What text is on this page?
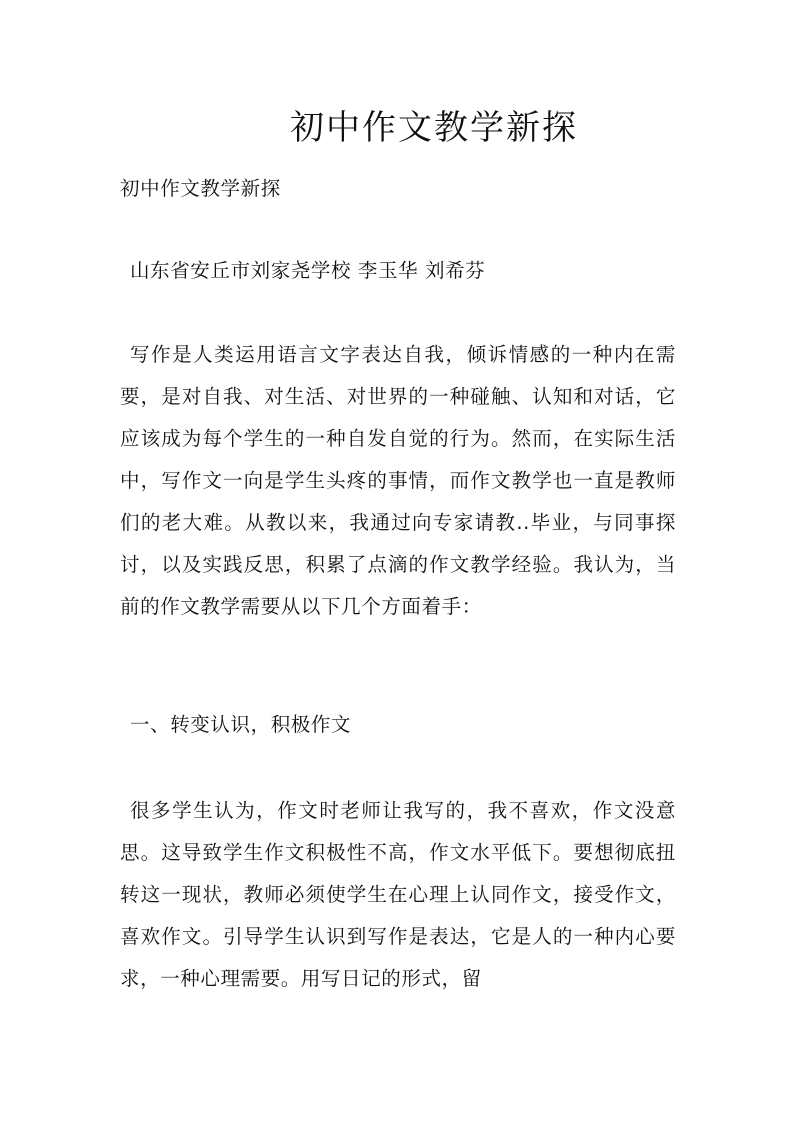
初中作文教学新探
初中作文教学新探
山东省安丘市刘家尧学校 李玉华 刘希芬
写作是人类运用语言文字表达自我，倾诉情感的一种内在需要，是对自我、对生活、对世界的一种碰触、认知和对话，它应该成为每个学生的一种自发自觉的行为。然而，在实际生活中，写作文一向是学生头疼的事情，而作文教学也一直是教师们的老大难。从教以来，我通过向专家请教..毕业，与同事探讨，以及实践反思，积累了点滴的作文教学经验。我认为，当前的作文教学需要从以下几个方面着手：
一、转变认识，积极作文
很多学生认为，作文时老师让我写的，我不喜欢，作文没意思。这导致学生作文积极性不高，作文水平低下。要想彻底扭转这一现状，教师必须使学生在心理上认同作文，接受作文，喜欢作文。引导学生认识到写作是表达，它是人的一种内心要求，一种心理需要。用写日记的形式，留
